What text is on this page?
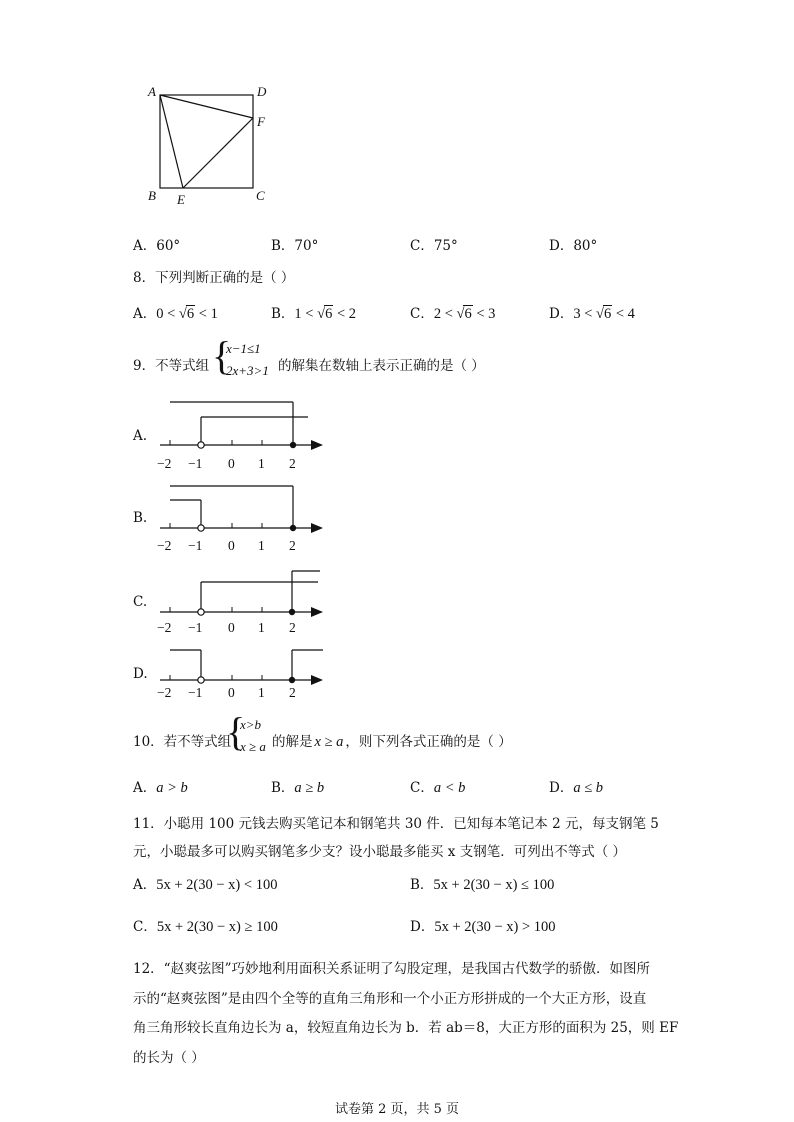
A	D
F
B E	C
A．60°	B．70°	C．75°	D．80°
8．下列判断正确的是（ ）
A．0 < √6 < 1	B．1 < √6 < 2	C．2 < √6 < 3	D．3 < √6 < 4
9．不等式组 {
x−1≤1
2x+3>1 的解集在数轴上表示正确的是（ ）
A.
−2 −1 0 1 2
B.
−2 −1 0 1 2
C.
−2 −1 0 1 2
D.
−2 −1 0 1 2
10．若不等式组
{
x>b
x ≥ a 的解是 x ≥ a ，则下列各式正确的是（ ）
A．a > b	B．a ≥ b	C．a < b	D．a ≤ b
11．小聪用 100 元钱去购买笔记本和钢笔共 30 件．已知每本笔记本 2 元，每支钢笔 5
元，小聪最多可以购买钢笔多少支？设小聪最多能买 x 支钢笔．可列出不等式（ ）
A．5x + 2(30 − x) < 100	B．5x + 2(30 − x) ≤ 100
C．5x + 2(30 − x) ≥ 100	D．5x + 2(30 − x) > 100
12．“赵爽弦图”巧妙地利用面积关系证明了勾股定理，是我国古代数学的骄傲．如图所
示的“赵爽弦图”是由四个全等的直角三角形和一个小正方形拼成的一个大正方形，设直
角三角形较长直角边长为 a，较短直角边长为 b．若 ab＝8，大正方形的面积为 25，则 EF
的长为（ ）
试卷第 2 页，共 5 页
